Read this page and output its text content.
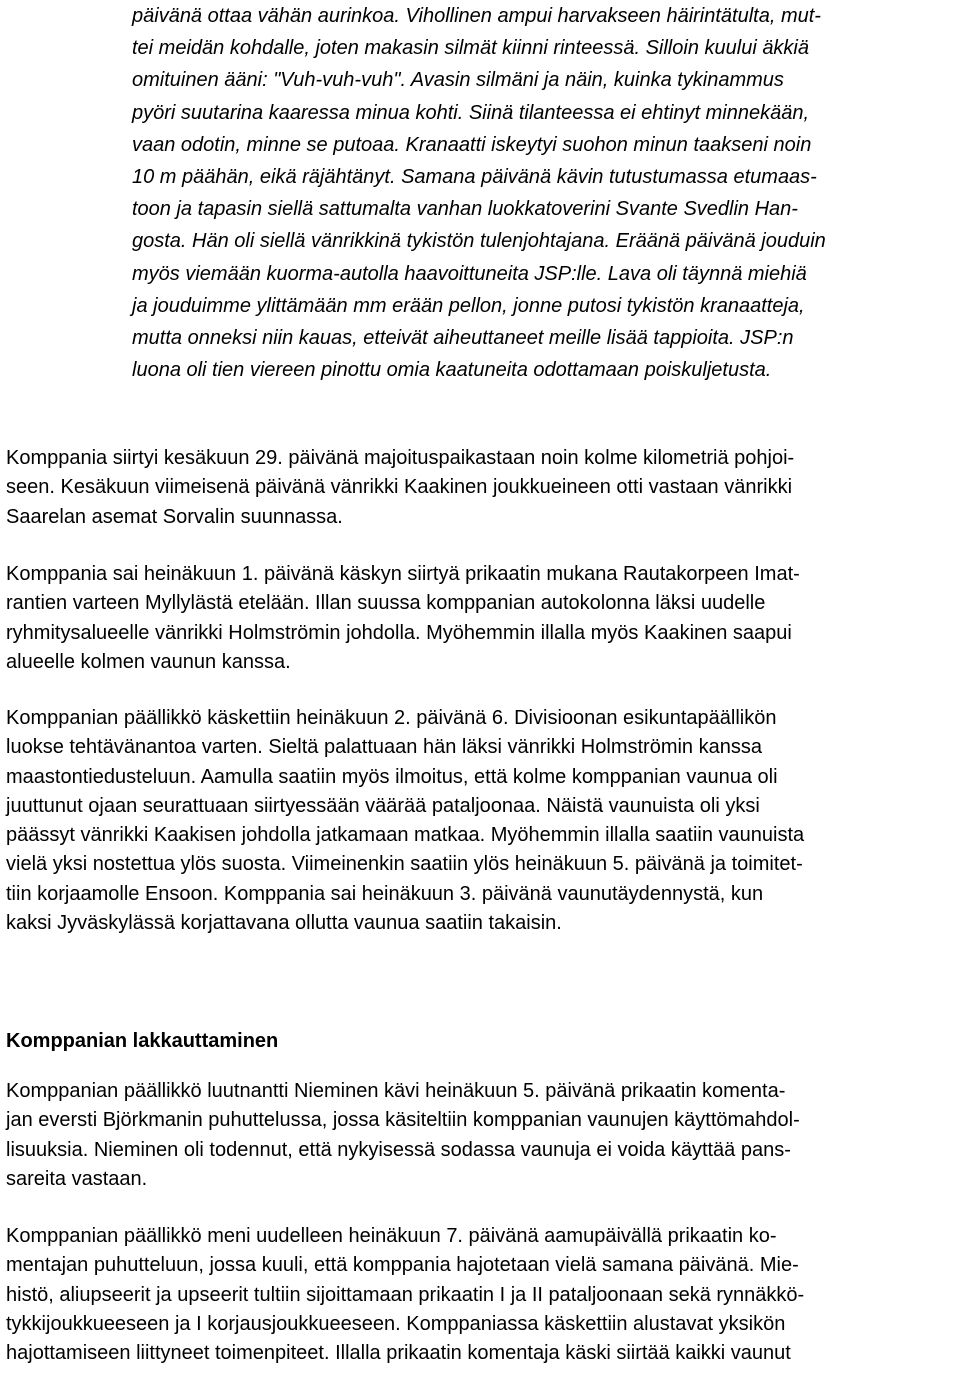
päivänä ottaa vähän aurinkoa. Vihollinen ampui harvakseen häirintätulta, mut-
tei meidän kohdalle, joten makasin silmät kiinni rinteessä. Silloin kuului äkkiä
omituinen ääni: "Vuh-vuh-vuh". Avasin silmäni ja näin, kuinka tykinammus
pyöri suutarina kaaressa minua kohti. Siinä tilanteessa ei ehtinyt minnekään,
vaan odotin, minne se putoaa. Kranaatti iskeytyi suohon minun taakseni noin
10 m päähän, eikä räjähtänyt. Samana päivänä kävin tutustumassa etumaas-
toon ja tapasin siellä sattumalta vanhan luokkatoverini Svante Svedlin Han-
gosta. Hän oli siellä vänrikkinä tykistön tulenjohtajana. Eräänä päivänä jouduin
myös viemään kuorma-autolla haavoittuneita JSP:lle. Lava oli täynnä miehiä
ja jouduimme ylittämään mm erään pellon, jonne putosi tykistön kranaatteja,
mutta onneksi niin kauas, etteivät aiheuttaneet meille lisää tappioita. JSP:n
luona oli tien viereen pinottu omia kaatuneita odottamaan poiskuljetusta.
Komppania siirtyi kesäkuun 29. päivänä majoituspaikastaan noin kolme kilometriä pohjoi-
seen. Kesäkuun viimeisenä päivänä vänrikki Kaakinen joukkueineen otti vastaan vänrikki
Saarelan asemat Sorvalin suunnassa.
Komppania sai heinäkuun 1. päivänä käskyn siirtyä prikaatin mukana Rautakorpeen Imat-
rantien varteen Myllylästä etelään. Illan suussa komppanian autokolonna läksi uudelle
ryhmitysalueelle vänrikki Holmströmin johdolla. Myöhemmin illalla myös Kaakinen saapui
alueelle kolmen vaunun kanssa.
Komppanian päällikkö käskettiin heinäkuun 2. päivänä 6. Divisioonan esikuntapäällikön
luokse tehtävänantoa varten. Sieltä palattuaan hän läksi vänrikki Holmströmin kanssa
maastontiedusteluun. Aamulla saatiin myös ilmoitus, että kolme komppanian vaunua oli
juuttunut ojaan seurattuaan siirtyessään väärää pataljoonaa. Näistä vaunuista oli yksi
päässyt vänrikki Kaakisen johdolla jatkamaan matkaa. Myöhemmin illalla saatiin vaunuista
vielä yksi nostettua ylös suosta. Viimeinenkin saatiin ylös heinäkuun 5. päivänä ja toimitet-
tiin korjaamolle Ensoon. Komppania sai heinäkuun 3. päivänä vaunutäydennystä, kun
kaksi Jyväskylässä korjattavana ollutta vaunua saatiin takaisin.
Komppanian lakkauttaminen
Komppanian päällikkö luutnantti Nieminen kävi heinäkuun 5. päivänä prikaatin komenta-
jan eversti Björkmanin puhuttelussa, jossa käsiteltiin komppanian vaunujen käyttömahdol-
lisuuksia. Nieminen oli todennut, että nykyisessä sodassa vaunuja ei voida käyttää pans-
sareita vastaan.
Komppanian päällikkö meni uudelleen heinäkuun 7. päivänä aamupäivällä prikaatin ko-
mentajan puhutteluun, jossa kuuli, että komppania hajotetaan vielä samana päivänä. Mie-
histö, aliupseerit ja upseerit tultiin sijoittamaan prikaatin I ja II pataljoonaan sekä rynnäkkö-
tykkijoukkueeseen ja I korjausjoukkueeseen. Komppaniassa käskettiin alustavat yksikön
hajottamiseen liittyneet toimenpiteet. Illalla prikaatin komentaja käski siirtää kaikki vaunut
